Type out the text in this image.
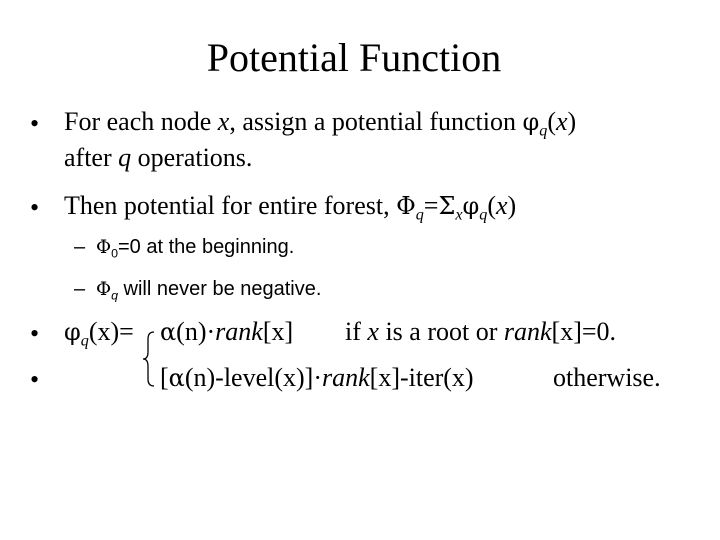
Potential Function
• For each node x, assign a potential function $\varphi_q(x)$
after q operations.
• Then potential for entire forest, $\Phi_q=\Sigma_x\varphi_q(x)$
– $\Phi_0=0$ at the beginning.
– $\Phi_q$ will never be negative.
• $\varphi_q(x)=$ α(n)·rank[x] if x is a root or rank[x]=0.
•	[α(n)-level(x)]·rank[x]-iter(x)	otherwise.
